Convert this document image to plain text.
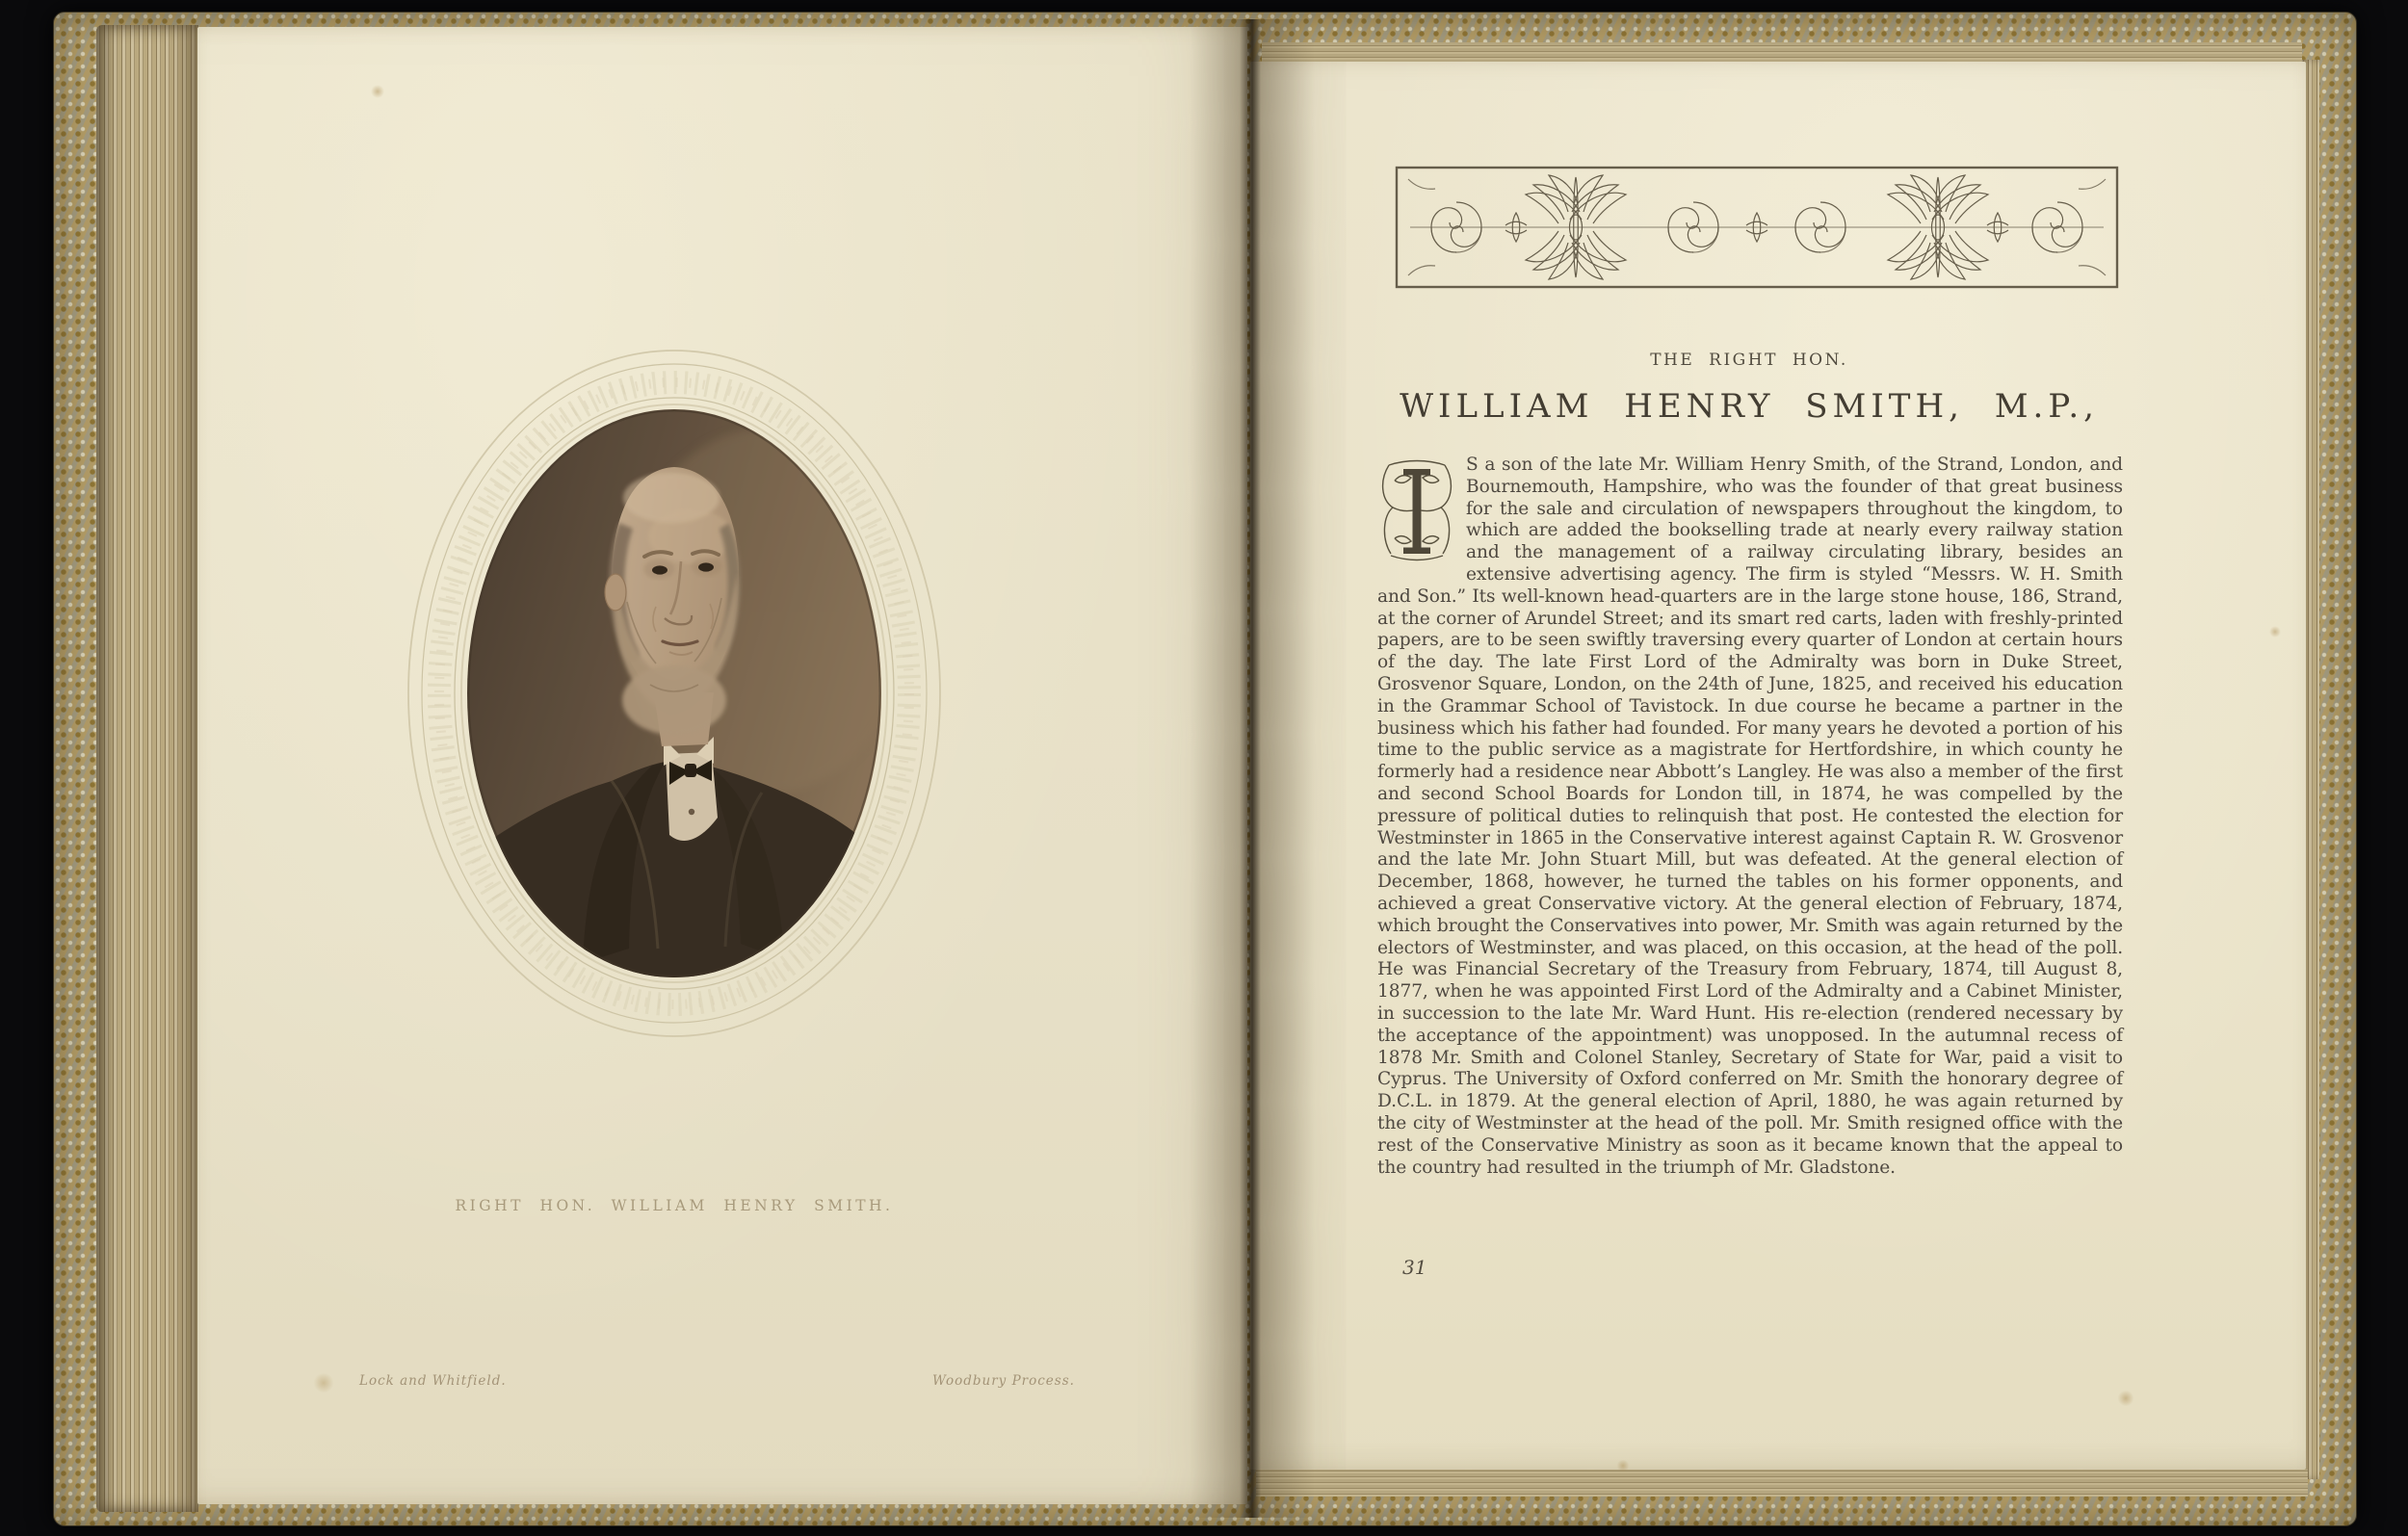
RIGHT HON. WILLIAM HENRY SMITH.
Lock and Whitfield.	Woodbury Process.
THE RIGHT HON.
WILLIAM HENRY SMITH, M.P.,
S a son of the late Mr. William Henry Smith, of the Strand, London, and Bournemouth, Hampshire, who was the founder of that great business for the sale and circulation of newspapers throughout the kingdom, to which are added the bookselling trade at nearly every railway station and the management of a railway circulating library, besides an extensive advertising agency. The firm is styled “Messrs. W. H. Smith and Son.” Its well-known head-quarters are in the large stone house, 186, Strand, at the corner of Arundel Street; and its smart red carts, laden with freshly-printed papers, are to be seen swiftly traversing every quarter of London at certain hours of the day. The late First Lord of the Admiralty was born in Duke Street, Grosvenor Square, London, on the 24th of June, 1825, and received his education in the Grammar School of Tavistock. In due course he became a partner in the business which his father had founded. For many years he devoted a portion of his time to the public service as a magistrate for Hertfordshire, in which county he formerly had a residence near Abbott’s Langley. He was also a member of the first and second School Boards for London till, in 1874, he was compelled by the pressure of political duties to relinquish that post. He contested the election for Westminster in 1865 in the Conservative interest against Captain R. W. Grosvenor and the late Mr. John Stuart Mill, but was defeated. At the general election of December, 1868, however, he turned the tables on his former opponents, and achieved a great Conservative victory. At the general election of February, 1874, which brought the Conservatives into power, Mr. Smith was again returned by the electors of Westminster, and was placed, on this occasion, at the head of the poll. He was Financial Secretary of the Treasury from February, 1874, till August 8, 1877, when he was appointed First Lord of the Admiralty and a Cabinet Minister, in succession to the late Mr. Ward Hunt. His re-election (rendered necessary by the acceptance of the appointment) was unopposed. In the autumnal recess of 1878 Mr. Smith and Colonel Stanley, Secretary of State for War, paid a visit to Cyprus. The University of Oxford conferred on Mr. Smith the honorary degree of D.C.L. in 1879. At the general election of April, 1880, he was again returned by the city of Westminster at the head of the poll. Mr. Smith resigned office with the rest of the Conservative Ministry as soon as it became known that the appeal to the country had resulted in the triumph of Mr. Gladstone.
31
